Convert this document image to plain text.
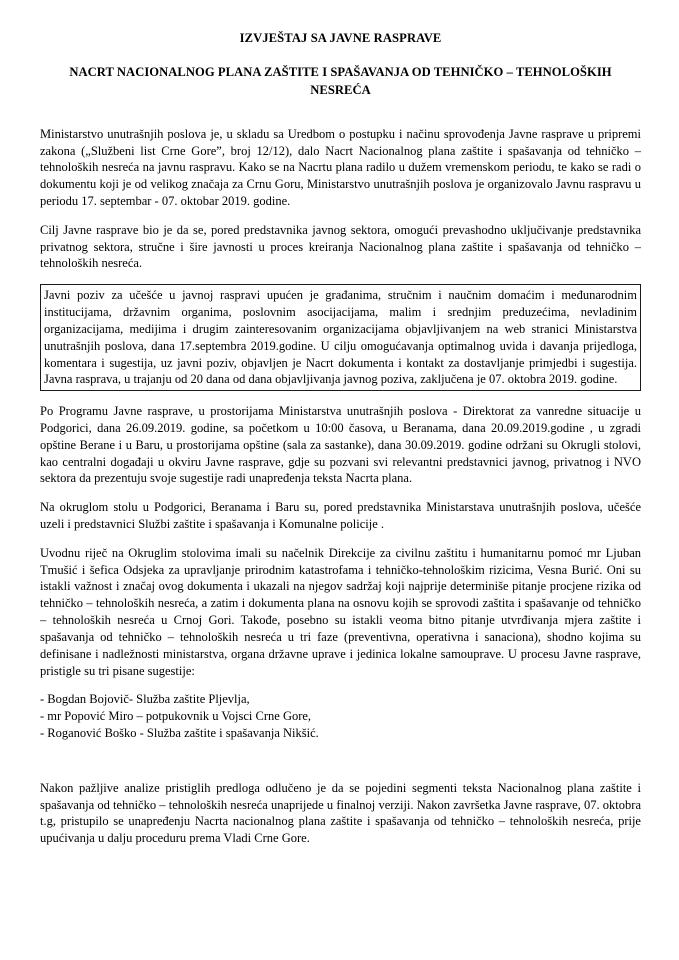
IZVJEŠTAJ SA JAVNE RASPRAVE
NACRT NACIONALNOG PLANA ZAŠTITE I SPAŠAVANJA OD TEHNIČKO – TEHNOLOŠKIH NESREĆA

Ministarstvo unutrašnjih poslova je, u skladu sa Uredbom o postupku i načinu sprovođenja Javne rasprave u pripremi zakona („Službeni list Crne Gore”, broj 12/12), dalo Nacrt Nacionalnog plana zaštite i spašavanja od tehničko – tehnoloških nesreća na javnu raspravu. Kako se na Nacrtu plana radilo u dužem vremenskom periodu, te kako se radi o dokumentu koji je od velikog značaja za Crnu Goru, Ministarstvo unutrašnjih poslova je organizovalo Javnu raspravu u periodu 17. septembar - 07. oktobar 2019. godine.

Cilj Javne rasprave bio je da se, pored predstavnika javnog sektora, omogući prevashodno uključivanje predstavnika privatnog sektora, stručne i šire javnosti u proces kreiranja Nacionalnog plana zaštite i spašavanja od tehničko – tehnoloških nesreća.

Javni poziv za učešće u javnoj raspravi upućen je građanima, stručnim i naučnim domaćim i međunarodnim institucijama, državnim organima, poslovnim asocijacijama, malim i srednjim preduzećima, nevladinim organizacijama, medijima i drugim zainteresovanim organizacijama objavljivanjem na web stranici Ministarstva unutrašnjih poslova, dana 17.septembra 2019.godine. U cilju omogućavanja optimalnog uvida i davanja prijedloga, komentara i sugestija, uz javni poziv, objavljen je Nacrt dokumenta i kontakt za dostavljanje primjedbi i sugestija. Javna rasprava, u trajanju od 20 dana od dana objavljivanja javnog poziva, zaključena je 07. oktobra 2019. godine.

Po Programu Javne rasprave, u prostorijama Ministarstva unutrašnjih poslova - Direktorat za vanredne situacije u Podgorici, dana 26.09.2019. godine, sa početkom u 10:00 časova, u Beranama, dana 20.09.2019.godine , u zgradi opštine Berane i u Baru, u prostorijama opštine (sala za sastanke), dana 30.09.2019. godine održani su Okrugli stolovi, kao centralni događaji u okviru Javne rasprave, gdje su pozvani svi relevantni predstavnici javnog, privatnog i NVO sektora da prezentuju svoje sugestije radi unapređenja teksta Nacrta plana.

Na okruglom stolu u Podgorici, Beranama i Baru su, pored predstavnika Ministarstava unutrašnjih poslova, učešće uzeli i predstavnici Službi zaštite i spašavanja i Komunalne policije .

Uvodnu riječ na Okruglim stolovima imali su načelnik Direkcije za civilnu zaštitu i humanitarnu pomoć mr Ljuban Tmušić i šefica Odsjeka za upravljanje prirodnim katastrofama i tehničko-tehnološkim rizicima, Vesna Burić. Oni su istakli važnost i značaj ovog dokumenta i ukazali na njegov sadržaj koji najprije determiniše pitanje procjene rizika od tehničko – tehnoloških nesreća, a zatim i dokumenta plana na osnovu kojih se sprovodi zaštita i spašavanje od tehničko – tehnoloških nesreća u Crnoj Gori. Takođe, posebno su istakli veoma bitno pitanje utvrđivanja mjera zaštite i spašavanja od tehničko – tehnoloških nesreća u tri faze (preventivna, operativna i sanaciona), shodno kojima su definisane i nadležnosti ministarstva, organa državne uprave i jedinica lokalne samouprave. U procesu Javne rasprave, pristigle su tri pisane sugestije:

- Bogdan Bojovič- Služba zaštite Pljevlja,
- mr Popović Miro – potpukovnik u Vojsci Crne Gore,
- Roganović Boško - Služba zaštite i spašavanja Nikšić.

Nakon pažljive analize pristiglih predloga odlučeno je da se pojedini segmenti teksta Nacionalnog plana zaštite i spašavanja od tehničko – tehnoloških nesreća unaprijede u finalnoj verziji. Nakon završetka Javne rasprave, 07. oktobra t.g, pristupilo se unapređenju Nacrta nacionalnog plana zaštite i spašavanja od tehničko – tehnoloških nesreća, prije upućivanja u dalju proceduru prema Vladi Crne Gore.
